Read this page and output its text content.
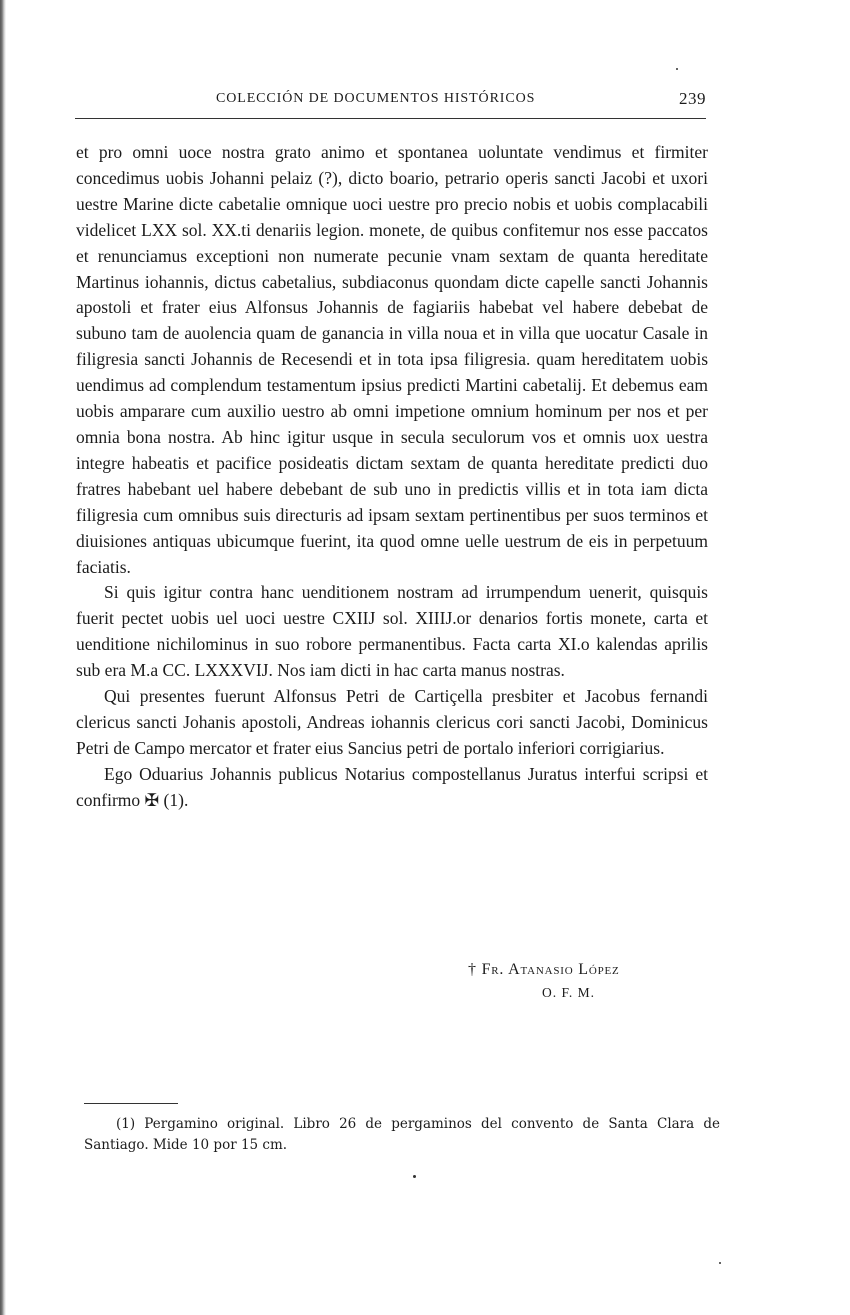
COLECCIÓN DE DOCUMENTOS HISTÓRICOS	239

et pro omni uoce nostra grato animo et spontanea uoluntate vendimus et firmiter concedimus uobis Johanni pelaiz (?), dicto boario, petrario operis sancti Jacobi et uxori uestre Marine dicte cabetalie omnique uoci uestre pro precio nobis et uobis complacabili videlicet LXX sol. XX.ti denariis legion. monete, de quibus confitemur nos esse paccatos et renunciamus exceptioni non numerate pecunie vnam sextam de quanta hereditate Martinus iohannis, dictus cabetalius, subdiaconus quondam dicte capelle sancti Johannis apostoli et frater eius Alfonsus Johannis de fagiariis habebat vel habere debebat de subuno tam de auolencia quam de ganancia in villa noua et in villa que uocatur Casale in filigresia sancti Johannis de Recesendi et in tota ipsa filigresia. quam hereditatem uobis uendimus ad complendum testamentum ipsius predicti Martini cabetalij. Et debemus eam uobis amparare cum auxilio uestro ab omni impetione omnium hominum per nos et per omnia bona nostra. Ab hinc igitur usque in secula seculorum vos et omnis uox uestra integre habeatis et pacifice posideatis dictam sextam de quanta hereditate predicti duo fratres habebant uel habere debebant de sub uno in predictis villis et in tota iam dicta filigresia cum omnibus suis directuris ad ipsam sextam pertinentibus per suos terminos et diuisiones antiquas ubicumque fuerint, ita quod omne uelle uestrum de eis in perpetuum faciatis.

Si quis igitur contra hanc uenditionem nostram ad irrumpendum uenerit, quisquis fuerit pectet uobis uel uoci uestre CXIIJ sol. XIIIJ.or denarios fortis monete, carta et uenditione nichilominus in suo robore permanentibus. Facta carta XI.o kalendas aprilis sub era M.a CC. LXXXVIJ. Nos iam dicti in hac carta manus nostras.

Qui presentes fuerunt Alfonsus Petri de Cartiçella presbiter et Jacobus fernandi clericus sancti Johanis apostoli, Andreas iohannis clericus cori sancti Jacobi, Dominicus Petri de Campo mercator et frater eius Sancius petri de portalo inferiori corrigiarius.

Ego Oduarius Johannis publicus Notarius compostellanus Juratus interfui scripsi et confirmo ✠ (1).

† Fr. Atanasio López
O. F. M.
(1) Pergamino original. Libro 26 de pergaminos del convento de Santa Clara de Santiago. Mide 10 por 15 cm.
